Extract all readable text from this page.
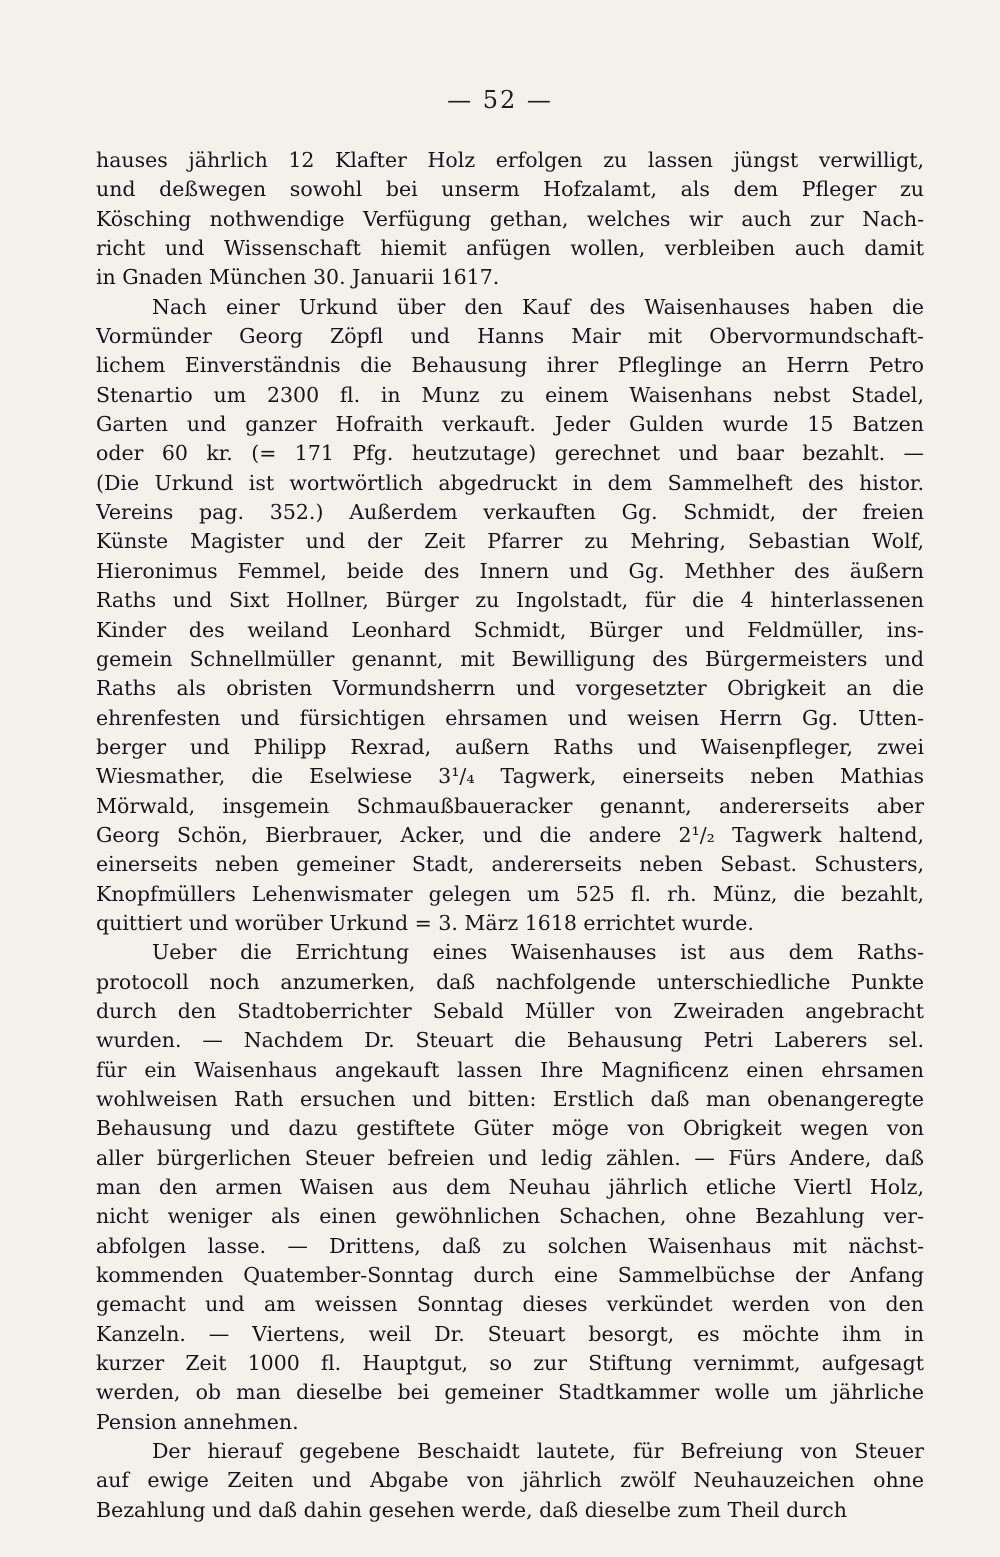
— 52 —
hauses jährlich 12 Klafter Holz erfolgen zu lassen jüngst verwilligt,
und deßwegen sowohl bei unserm Hofzalamt, als dem Pfleger zu
Kösching nothwendige Verfügung gethan, welches wir auch zur Nach-
richt und Wissenschaft hiemit anfügen wollen, verbleiben auch damit
in Gnaden München 30. Januarii 1617.
Nach einer Urkund über den Kauf des Waisenhauses haben die
Vormünder Georg Zöpfl und Hanns Mair mit Obervormundschaft-
lichem Einverständnis die Behausung ihrer Pfleglinge an Herrn Petro
Stenartio um 2300 fl. in Munz zu einem Waisenhans nebst Stadel,
Garten und ganzer Hofraith verkauft. Jeder Gulden wurde 15 Batzen
oder 60 kr. (= 171 Pfg. heutzutage) gerechnet und baar bezahlt. —
(Die Urkund ist wortwörtlich abgedruckt in dem Sammelheft des histor.
Vereins pag. 352.) Außerdem verkauften Gg. Schmidt, der freien
Künste Magister und der Zeit Pfarrer zu Mehring, Sebastian Wolf,
Hieronimus Femmel, beide des Innern und Gg. Methher des äußern
Raths und Sixt Hollner, Bürger zu Ingolstadt, für die 4 hinterlassenen
Kinder des weiland Leonhard Schmidt, Bürger und Feldmüller, ins-
gemein Schnellmüller genannt, mit Bewilligung des Bürgermeisters und
Raths als obristen Vormundsherrn und vorgesetzter Obrigkeit an die
ehrenfesten und fürsichtigen ehrsamen und weisen Herrn Gg. Utten-
berger und Philipp Rexrad, außern Raths und Waisenpfleger, zwei
Wiesmather, die Eselwiese 3¹/₄ Tagwerk, einerseits neben Mathias
Mörwald, insgemein Schmaußbaueracker genannt, andererseits aber
Georg Schön, Bierbrauer, Acker, und die andere 2¹/₂ Tagwerk haltend,
einerseits neben gemeiner Stadt, andererseits neben Sebast. Schusters,
Knopfmüllers Lehenwismater gelegen um 525 fl. rh. Münz, die bezahlt,
quittiert und worüber Urkund = 3. März 1618 errichtet wurde.
Ueber die Errichtung eines Waisenhauses ist aus dem Raths-
protocoll noch anzumerken, daß nachfolgende unterschiedliche Punkte
durch den Stadtoberrichter Sebald Müller von Zweiraden angebracht
wurden. — Nachdem Dr. Steuart die Behausung Petri Laberers sel.
für ein Waisenhaus angekauft lassen Ihre Magnificenz einen ehrsamen
wohlweisen Rath ersuchen und bitten: Erstlich daß man obenangeregte
Behausung und dazu gestiftete Güter möge von Obrigkeit wegen von
aller bürgerlichen Steuer befreien und ledig zählen. — Fürs Andere, daß
man den armen Waisen aus dem Neuhau jährlich etliche Viertl Holz,
nicht weniger als einen gewöhnlichen Schachen, ohne Bezahlung ver-
abfolgen lasse. — Drittens, daß zu solchen Waisenhaus mit nächst-
kommenden Quatember-Sonntag durch eine Sammelbüchse der Anfang
gemacht und am weissen Sonntag dieses verkündet werden von den
Kanzeln. — Viertens, weil Dr. Steuart besorgt, es möchte ihm in
kurzer Zeit 1000 fl. Hauptgut, so zur Stiftung vernimmt, aufgesagt
werden, ob man dieselbe bei gemeiner Stadtkammer wolle um jährliche
Pension annehmen.
Der hierauf gegebene Beschaidt lautete, für Befreiung von Steuer
auf ewige Zeiten und Abgabe von jährlich zwölf Neuhauzeichen ohne
Bezahlung und daß dahin gesehen werde, daß dieselbe zum Theil durch
